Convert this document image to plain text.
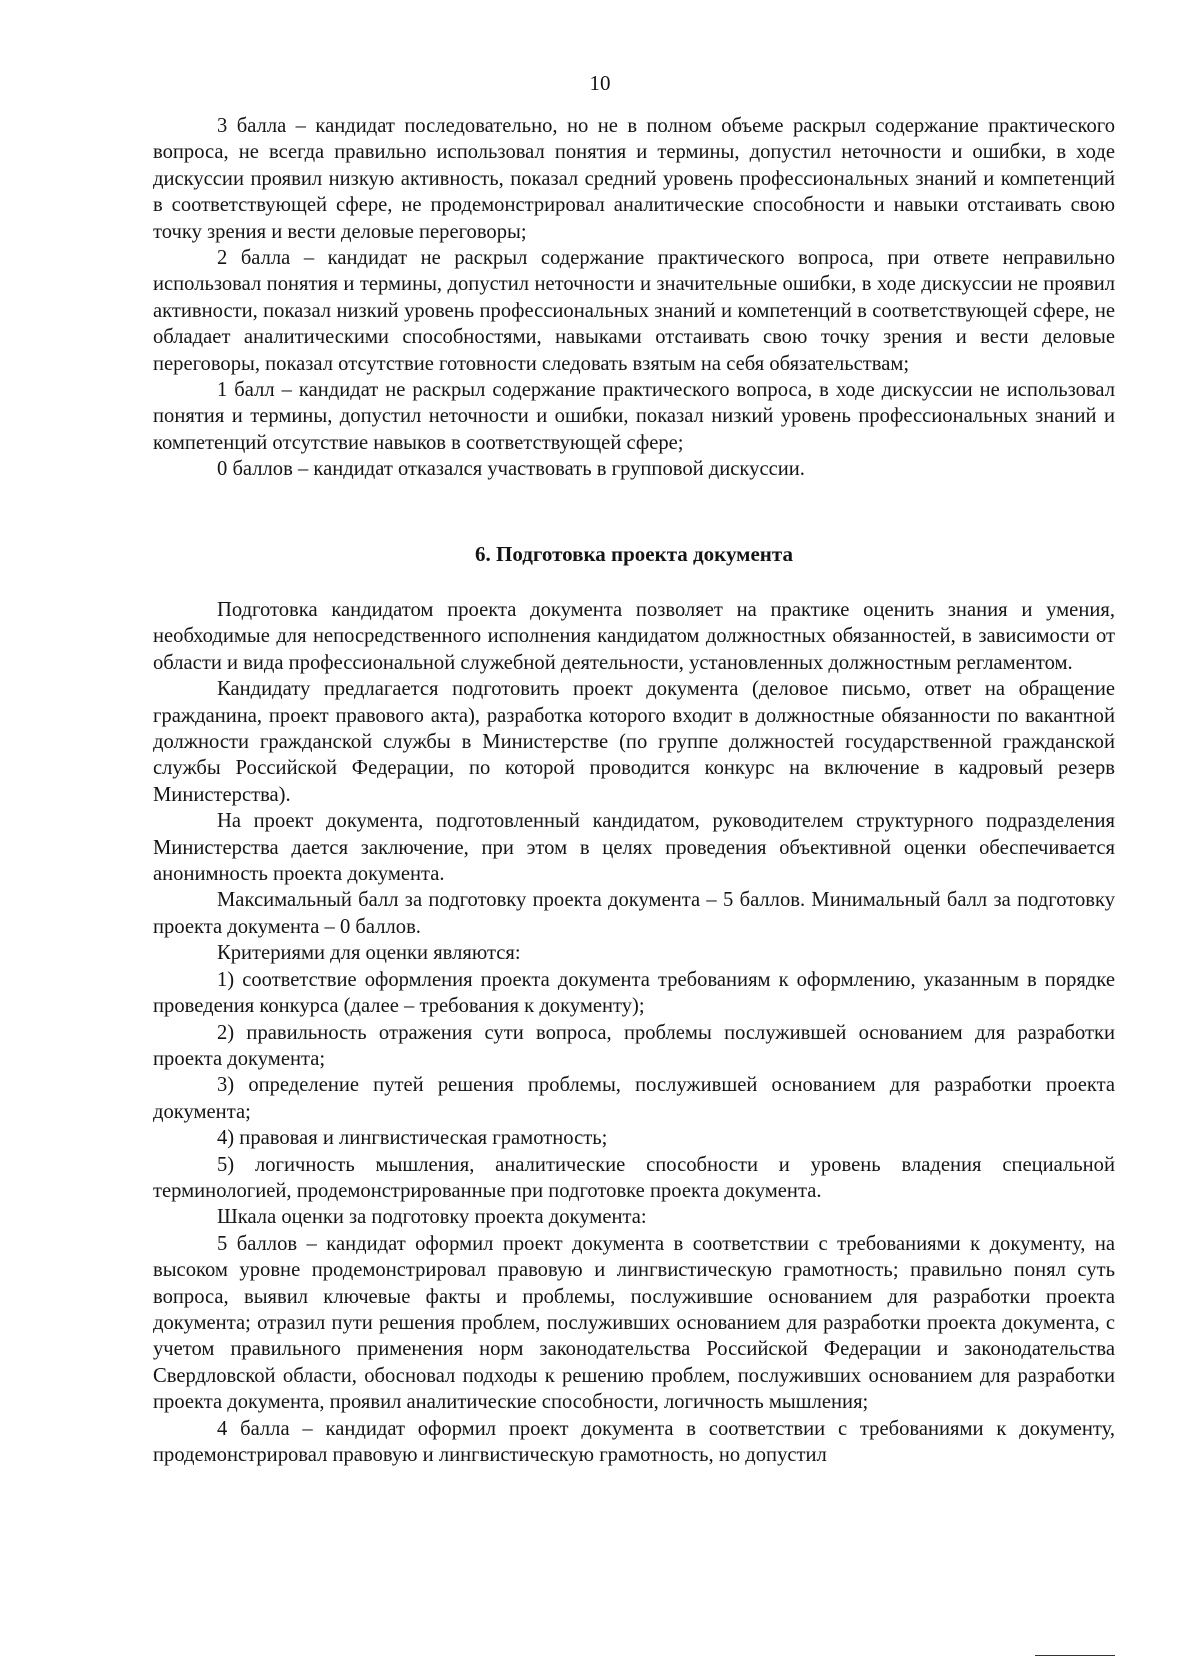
10

3 балла – кандидат последовательно, но не в полном объеме раскрыл содержание практического вопроса, не всегда правильно использовал понятия и термины, допустил неточности и ошибки, в ходе дискуссии проявил низкую активность, показал средний уровень профессиональных знаний и компетенций в соответствующей сфере, не продемонстрировал аналитические способности и навыки отстаивать свою точку зрения и вести деловые переговоры;

2 балла – кандидат не раскрыл содержание практического вопроса, при ответе неправильно использовал понятия и термины, допустил неточности и значительные ошибки, в ходе дискуссии не проявил активности, показал низкий уровень профессиональных знаний и компетенций в соответствующей сфере, не обладает аналитическими способностями, навыками отстаивать свою точку зрения и вести деловые переговоры, показал отсутствие готовности следовать взятым на себя обязательствам;

1 балл – кандидат не раскрыл содержание практического вопроса, в ходе дискуссии не использовал понятия и термины, допустил неточности и ошибки, показал низкий уровень профессиональных знаний и компетенций отсутствие навыков в соответствующей сфере;

0 баллов – кандидат отказался участвовать в групповой дискуссии.

6. Подготовка проекта документа

Подготовка кандидатом проекта документа позволяет на практике оценить знания и умения, необходимые для непосредственного исполнения кандидатом должностных обязанностей, в зависимости от области и вида профессиональной служебной деятельности, установленных должностным регламентом.

Кандидату предлагается подготовить проект документа (деловое письмо, ответ на обращение гражданина, проект правового акта), разработка которого входит в должностные обязанности по вакантной должности гражданской службы в Министерстве (по группе должностей государственной гражданской службы Российской Федерации, по которой проводится конкурс на включение в кадровый резерв Министерства).

На проект документа, подготовленный кандидатом, руководителем структурного подразделения Министерства дается заключение, при этом в целях проведения объективной оценки обеспечивается анонимность проекта документа.

Максимальный балл за подготовку проекта документа – 5 баллов. Минимальный балл за подготовку проекта документа – 0 баллов.

Критериями для оценки являются:

1) соответствие оформления проекта документа требованиям к оформлению, указанным в порядке проведения конкурса (далее – требования к документу);

2) правильность отражения сути вопроса, проблемы послужившей основанием для разработки проекта документа;

3) определение путей решения проблемы, послужившей основанием для разработки проекта документа;

4) правовая и лингвистическая грамотность;

5) логичность мышления, аналитические способности и уровень владения специальной терминологией, продемонстрированные при подготовке проекта документа.

Шкала оценки за подготовку проекта документа:

5 баллов – кандидат оформил проект документа в соответствии с требованиями к документу, на высоком уровне продемонстрировал правовую и лингвистическую грамотность; правильно понял суть вопроса, выявил ключевые факты и проблемы, послужившие основанием для разработки проекта документа; отразил пути решения проблем, послуживших основанием для разработки проекта документа, с учетом правильного применения норм законодательства Российской Федерации и законодательства Свердловской области, обосновал подходы к решению проблем, послуживших основанием для разработки проекта документа, проявил аналитические способности, логичность мышления;

4 балла – кандидат оформил проект документа в соответствии с требованиями к документу, продемонстрировал правовую и лингвистическую грамотность, но допустил
